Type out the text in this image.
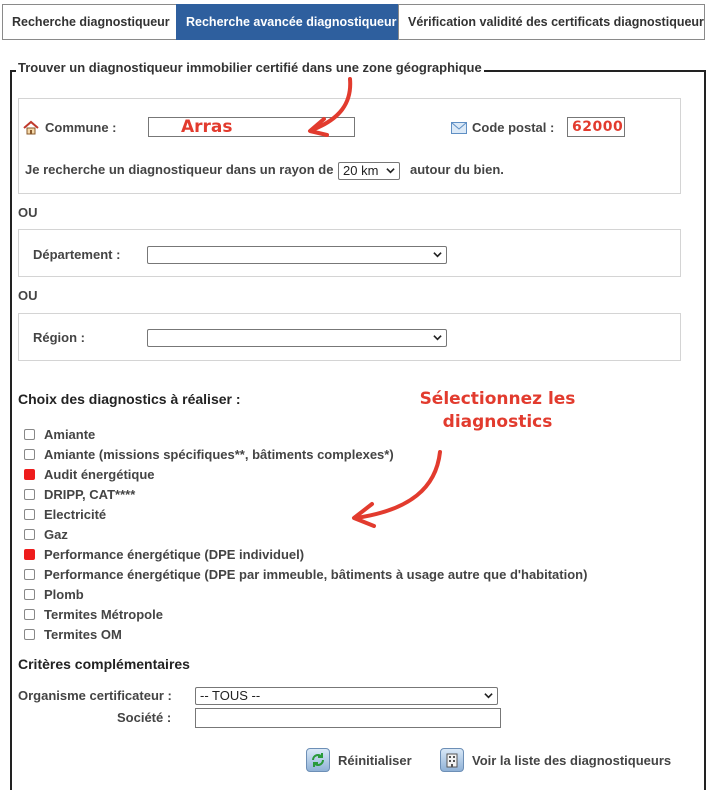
Recherche diagnostiqueur	Recherche avancée diagnostiqueur Vérification validité des certificats diagnostiqueur
Trouver un diagnostiqueur immobilier certifié dans une zone géographique
Commune :	Arras	Code postal :	62000
Je recherche un diagnostiqueur dans un rayon de 20 km	autour du bien.
OU
Département :
OU
Région :
Choix des diagnostics à réaliser :	Sélectionnez les
diagnostics
Amiante
Amiante (missions spécifiques**, bâtiments complexes*)
Audit énergétique
DRIPP, CAT****
Electricité
Gaz
Performance énergétique (DPE individuel)
Performance énergétique (DPE par immeuble, bâtiments à usage autre que d'habitation)
Plomb
Termites Métropole
Termites OM
Critères complémentaires
Organisme certificateur :	-- TOUS --
Société :
Réinitialiser	Voir la liste des diagnostiqueurs
